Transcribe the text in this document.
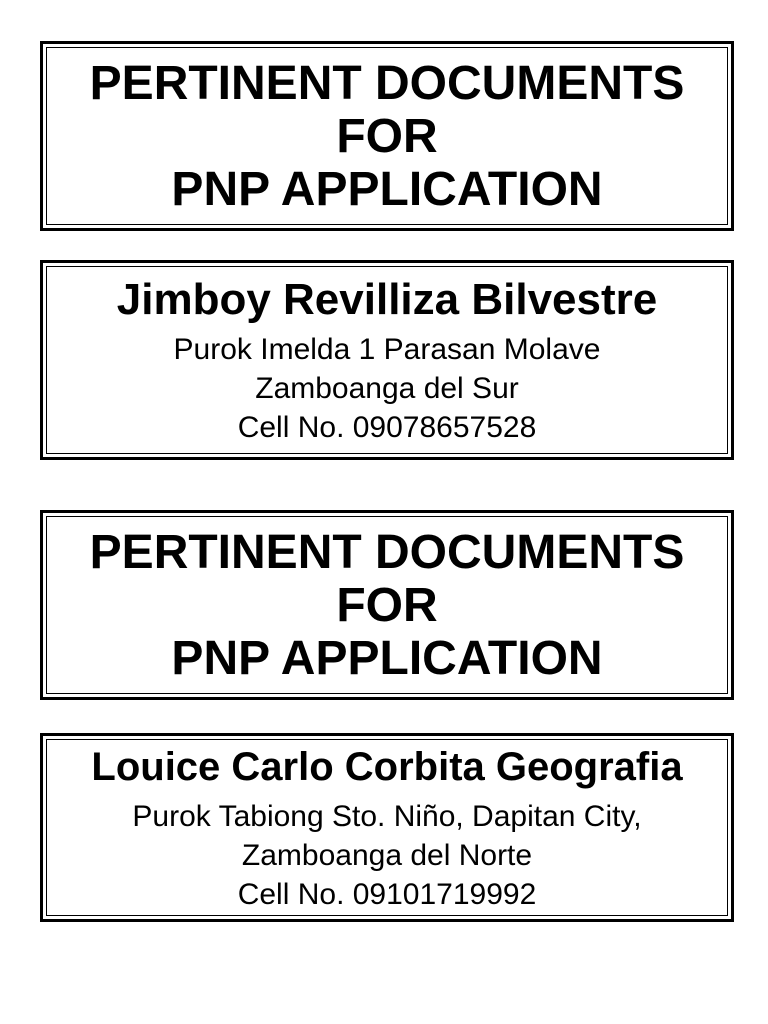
PERTINENT DOCUMENTS
FOR
PNP APPLICATION
Jimboy Revilliza Bilvestre
Purok Imelda 1 Parasan Molave
Zamboanga del Sur
Cell No. 09078657528
PERTINENT DOCUMENTS
FOR
PNP APPLICATION
Louice Carlo Corbita Geografia
Purok Tabiong Sto. Niño, Dapitan City,
Zamboanga del Norte
Cell No. 09101719992
